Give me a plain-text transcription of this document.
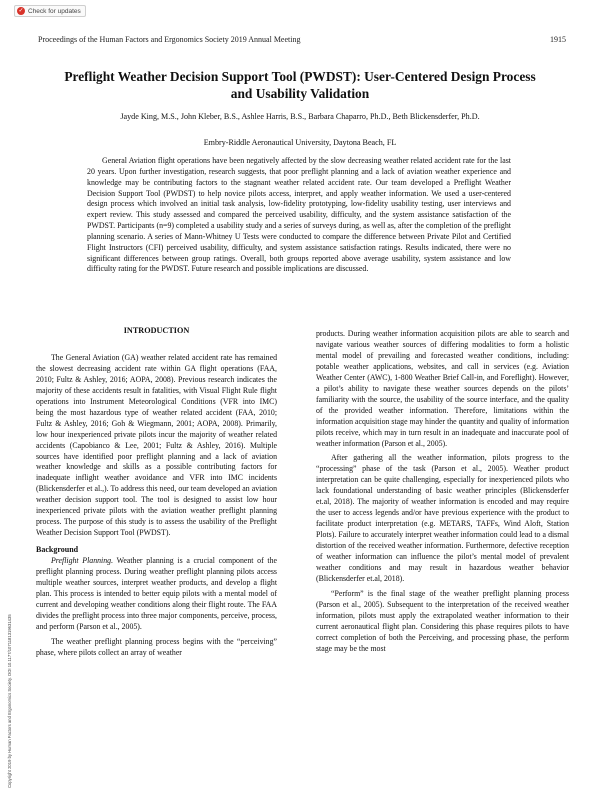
✓ Check for updates
Proceedings of the Human Factors and Ergonomics Society 2019 Annual Meeting	1915
Preflight Weather Decision Support Tool (PWDST): User-Centered Design Process and Usability Validation
Jayde King, M.S., John Kleber, B.S., Ashlee Harris, B.S., Barbara Chaparro, Ph.D., Beth Blickensderfer, Ph.D.
Embry-Riddle Aeronautical University, Daytona Beach, FL

General Aviation flight operations have been negatively affected by the slow decreasing weather related accident rate for the last 20 years. Upon further investigation, research suggests, that poor preflight planning and a lack of aviation weather experience and knowledge may be contributing factors to the stagnant weather related accident rate. Our team developed a Preflight Weather Decision Support Tool (PWDST) to help novice pilots access, interpret, and apply weather information. We used a user-centered design process which involved an initial task analysis, low-fidelity prototyping, low-fidelity usability testing, user interviews and expert review. This study assessed and compared the perceived usability, difficulty, and the system assistance satisfaction of the PWDST. Participants (n=9) completed a usability study and a series of surveys during, as well as, after the completion of the preflight planning scenario. A series of Mann-Whitney U Tests were conducted to compare the difference between Private Pilot and Certified Flight Instructors (CFI) perceived usability, difficulty, and system assistance satisfaction ratings. Results indicated, there were no significant differences between group ratings. Overall, both groups reported above average usability, system assistance and low difficulty rating for the PWDST. Future research and possible implications are discussed.

INTRODUCTION

The General Aviation (GA) weather related accident rate has remained the slowest decreasing accident rate within GA flight operations (FAA, 2010; Fultz & Ashley, 2016; AOPA, 2008). Previous research indicates the majority of these accidents result in fatalities, with Visual Flight Rule flight operations into Instrument Meteorological Conditions (VFR into IMC) being the most hazardous type of weather related accident (FAA, 2010; Fultz & Ashley, 2016; Goh & Wiegmann, 2001; AOPA, 2008). Primarily, low hour inexperienced private pilots incur the majority of weather related accidents (Capobianco & Lee, 2001; Fultz & Ashley, 2016). Multiple sources have identified poor preflight planning and a lack of aviation weather knowledge and skills as a possible contributing factors for inadequate inflight weather avoidance and VFR into IMC incidents (Blickensderfer et al.,). To address this need, our team developed an aviation weather decision support tool. The tool is designed to assist low hour inexperienced private pilots with the aviation weather preflight planning process. The purpose of this study is to assess the usability of the Preflight Weather Decision Support Tool (PWDST).

Background

Preflight Planning. Weather planning is a crucial component of the preflight planning process. During weather preflight planning pilots access multiple weather sources, interpret weather products, and develop a flight plan. This process is intended to better equip pilots with a mental model of current and developing weather conditions along their flight route. The FAA divides the preflight process into three major components, perceive, process, and perform (Parson et al., 2005).

The weather preflight planning process begins with the “perceiving” phase, where pilots collect an array of weather

products. During weather information acquisition pilots are able to search and navigate various weather sources of differing modalities to form a holistic mental model of prevailing and forecasted weather conditions, including: potable weather applications, websites, and call in services (e.g. Aviation Weather Center (AWC), 1-800 Weather Brief Call-in, and Foreflight). However, a pilot’s ability to navigate these weather sources depends on the pilots’ familiarity with the source, the usability of the source interface, and the quality of the provided weather information. Therefore, limitations within the information acquisition stage may hinder the quantity and quality of information pilots receive, which may in turn result in an inadequate and inaccurate pool of weather information (Parson et al., 2005).

After gathering all the weather information, pilots progress to the “processing” phase of the task (Parson et al., 2005). Weather product interpretation can be quite challenging, especially for inexperienced pilots who lack foundational understanding of basic weather principles (Blickensderfer et.al, 2018). The majority of weather information is encoded and may require the user to access legends and/or have previous experience with the product to facilitate product interpretation (e.g. METARS, TAFFs, Wind Aloft, Station Plots). Failure to accurately interpret weather information could lead to a dismal distortion of the received weather information. Furthermore, defective reception of weather information can influence the pilot’s mental model of prevalent weather conditions and may result in hazardous weather behavior (Blickensderfer et.al, 2018).

“Perform” is the final stage of the weather preflight planning process (Parson et al., 2005). Subsequent to the interpretation of the received weather information, pilots must apply the extrapolated weather information to their current aeronautical flight plan. Considering this phase requires pilots to have correct completion of both the Perceiving, and processing phase, the perform stage may be the most

Copyright 2019 by Human Factors and Ergonomics Society. DOI 10.1177/1071181319631435
